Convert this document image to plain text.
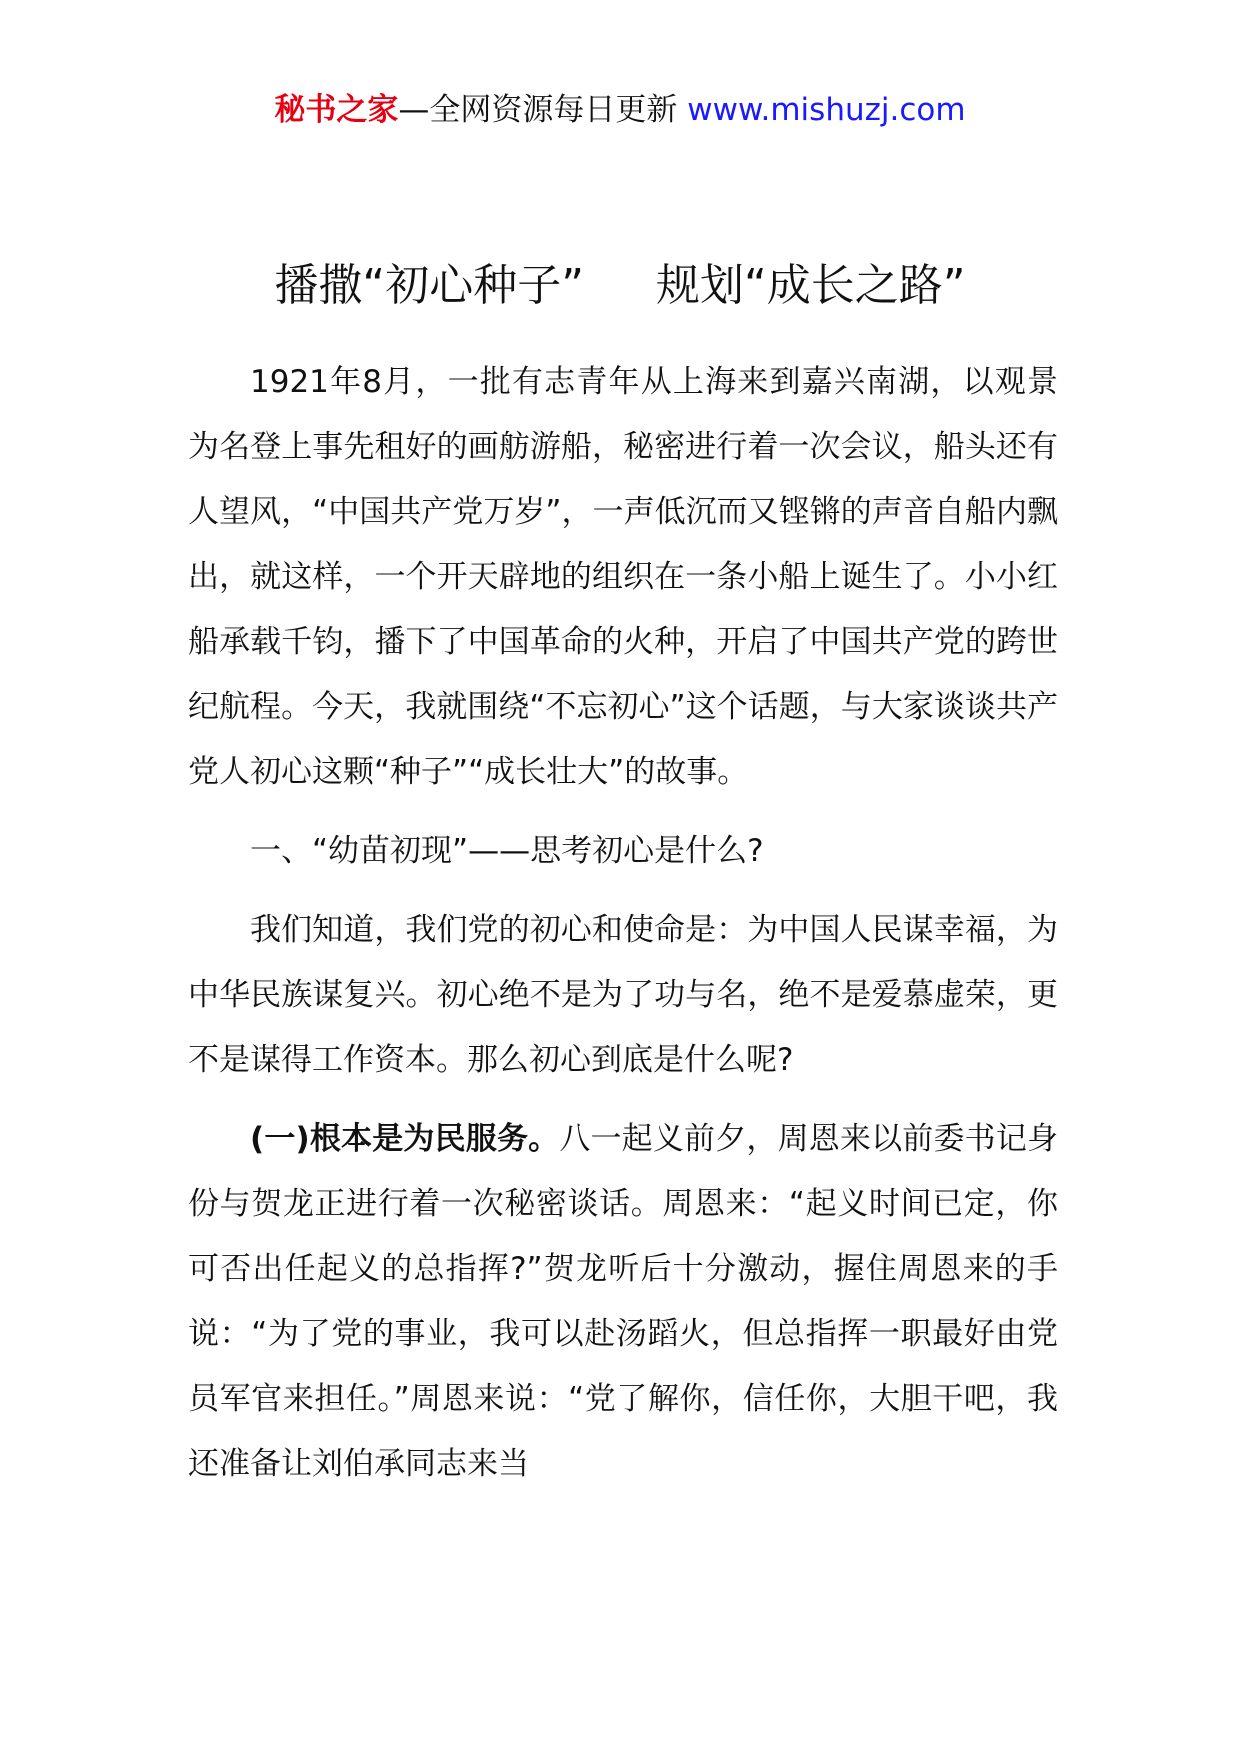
秘书之家—全网资源每日更新 www.mishuzj.com
播撒“初心种子” 规划“成长之路”

1921年8月，一批有志青年从上海来到嘉兴南湖，以观景为名登上事先租好的画舫游船，秘密进行着一次会议，船头还有人望风，“中国共产党万岁”，一声低沉而又铿锵的声音自船内飘出，就这样，一个开天辟地的组织在一条小船上诞生了。小小红船承载千钧，播下了中国革命的火种，开启了中国共产党的跨世纪航程。今天，我就围绕“不忘初心”这个话题，与大家谈谈共产党人初心这颗“种子”“成长壮大”的故事。

一、“幼苗初现”——思考初心是什么?

我们知道，我们党的初心和使命是：为中国人民谋幸福，为中华民族谋复兴。初心绝不是为了功与名，绝不是爱慕虚荣，更不是谋得工作资本。那么初心到底是什么呢?

(一)根本是为民服务。八一起义前夕，周恩来以前委书记身份与贺龙正进行着一次秘密谈话。周恩来：“起义时间已定，你可否出任起义的总指挥?”贺龙听后十分激动，握住周恩来的手说：“为了党的事业，我可以赴汤蹈火，但总指挥一职最好由党员军官来担任。”周恩来说：“党了解你，信任你，大胆干吧，我还准备让刘伯承同志来当
